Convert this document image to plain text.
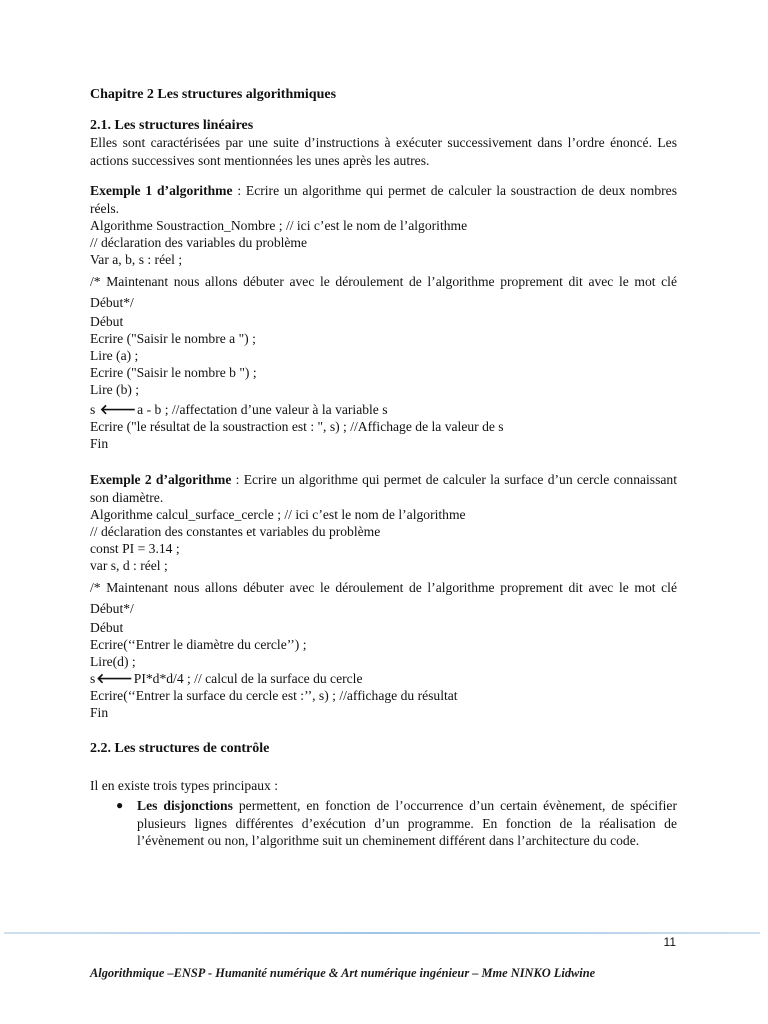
Chapitre 2 Les structures algorithmiques

2.1. Les structures linéaires

Elles sont caractérisées par une suite d’instructions à exécuter successivement dans l’ordre énoncé. Les actions successives sont mentionnées les unes après les autres.

Exemple 1 d’algorithme : Ecrire un algorithme qui permet de calculer la soustraction de deux nombres réels.

Algorithme Soustraction_Nombre ; // ici c’est le nom de l’algorithme
// déclaration des variables du problème
Var a, b, s : réel ;

/* Maintenant nous allons débuter avec le déroulement de l’algorithme proprement dit avec le mot clé Début*/

Début
Ecrire ("Saisir le nombre a ") ;
Lire (a) ;
Ecrire ("Saisir le nombre b ") ;
Lire (b) ;
s 🡐a - b ; //affectation d’une valeur à la variable s
Ecrire ("le résultat de la soustraction est : ", s) ; //Affichage de la valeur de s
Fin

Exemple 2 d’algorithme : Ecrire un algorithme qui permet de calculer la surface d’un cercle connaissant son diamètre.

Algorithme calcul_surface_cercle ; // ici c’est le nom de l’algorithme
// déclaration des constantes et variables du problème
const PI = 3.14 ;
var s, d : réel ;

/* Maintenant nous allons débuter avec le déroulement de l’algorithme proprement dit avec le mot clé Début*/

Début
Ecrire(‘‘Entrer le diamètre du cercle’’) ;
Lire(d) ;
s🡐PI*d*d/4 ; // calcul de la surface du cercle
Ecrire(‘‘Entrer la surface du cercle est :’’, s) ; //affichage du résultat
Fin

2.2. Les structures de contrôle

Il en existe trois types principaux :

● Les disjonctions permettent, en fonction de l’occurrence d’un certain évènement, de spécifier plusieurs lignes différentes d’exécution d’un programme. En fonction de la réalisation de l’évènement ou non, l’algorithme suit un cheminement différent dans l’architecture du code.
11
Algorithmique –ENSP - Humanité numérique & Art numérique ingénieur – Mme NINKO Lidwine
